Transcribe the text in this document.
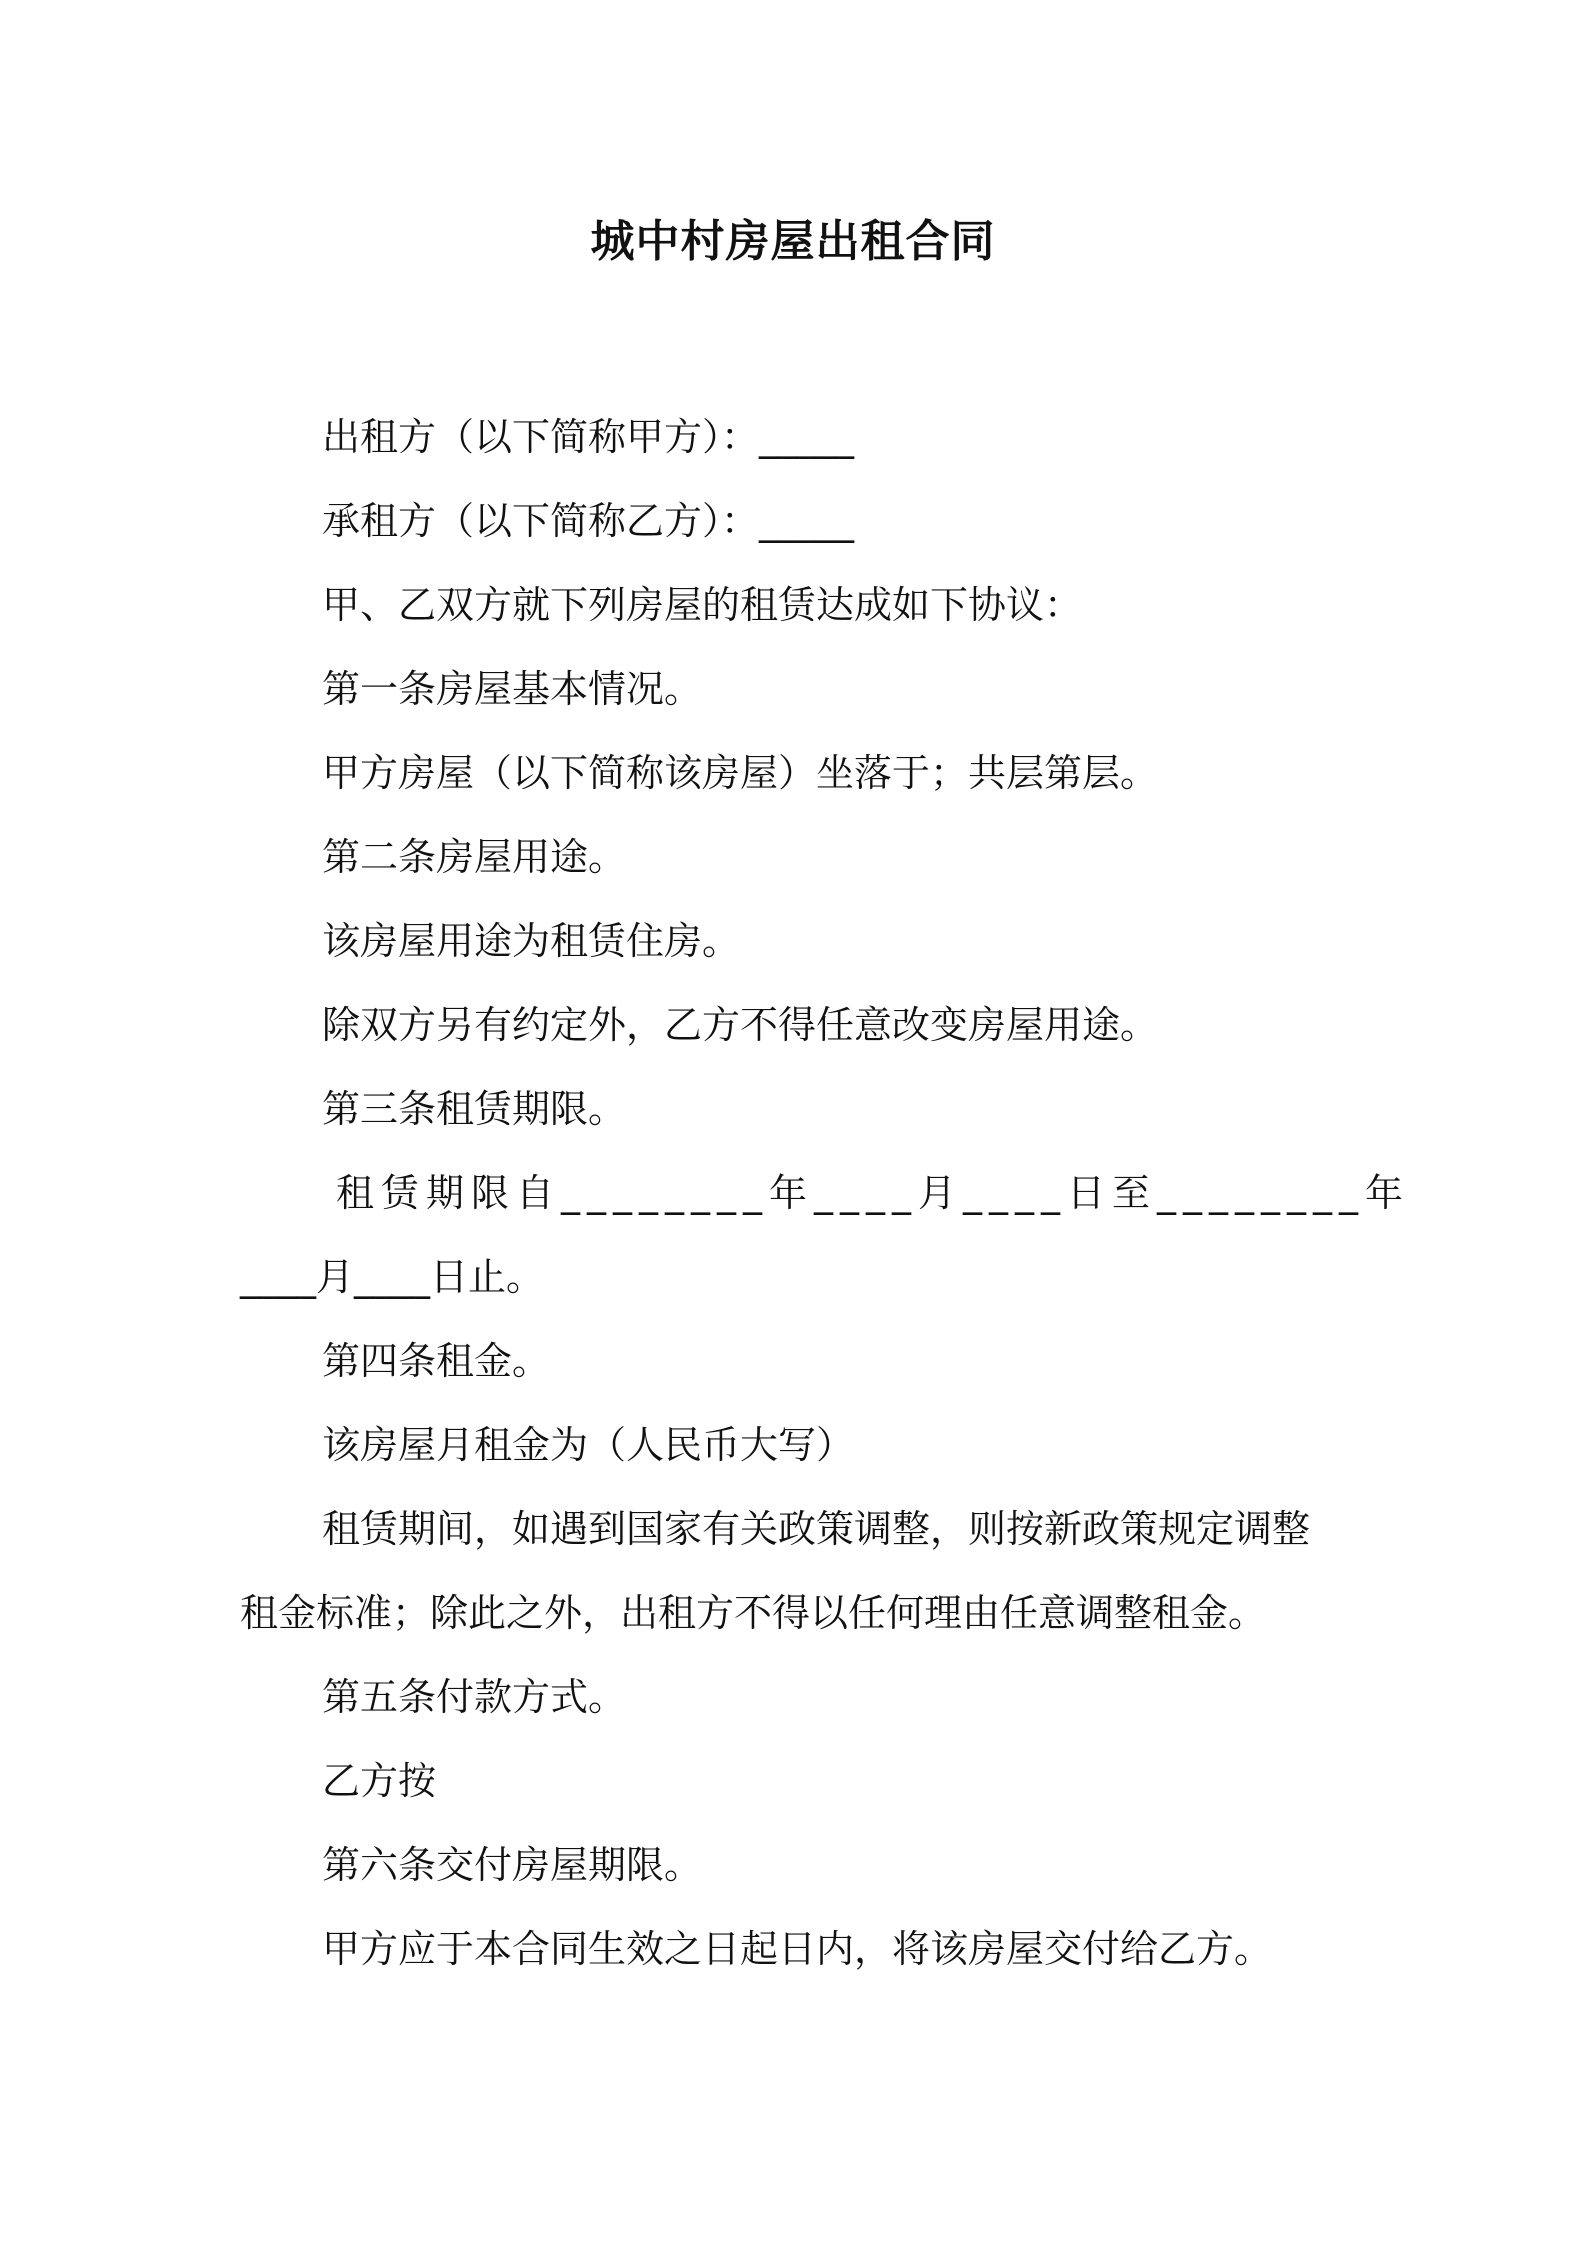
城中村房屋出租合同

出租方（以下简称甲方）：_____

承租方（以下简称乙方）：_____

甲、乙双方就下列房屋的租赁达成如下协议：

第一条房屋基本情况。

甲方房屋（以下简称该房屋）坐落于；共层第层。

第二条房屋用途。

该房屋用途为租赁住房。

除双方另有约定外，乙方不得任意改变房屋用途。

第三条租赁期限。

租赁期限自________年____月____日至________年

____月____日止。

第四条租金。

该房屋月租金为（人民币大写）

租赁期间，如遇到国家有关政策调整，则按新政策规定调整

租金标准；除此之外，出租方不得以任何理由任意调整租金。

第五条付款方式。

乙方按

第六条交付房屋期限。

甲方应于本合同生效之日起日内，将该房屋交付给乙方。
